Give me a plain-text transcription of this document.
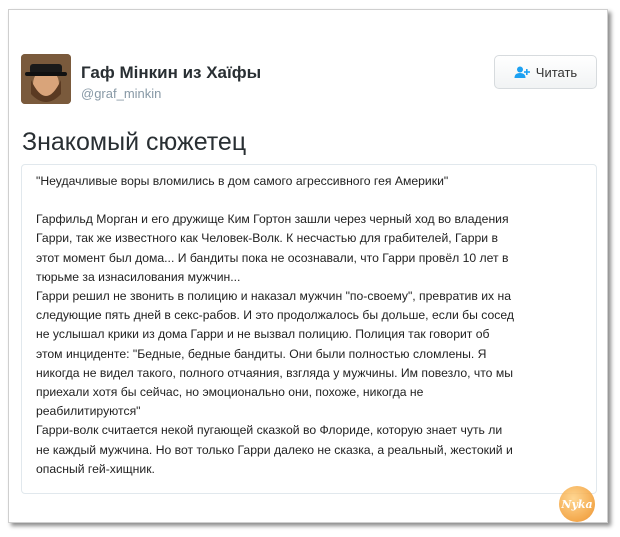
Гаф Мінкин из Хаїфы
@graf_minkin
Читать
Знакомый сюжетец

"Неудачливые воры вломились в дом самого агрессивного гея Америки"

Гарфильд Морган и его дружище Ким Гортон зашли через черный ход во владения

Гарри, так же известного как Человек-Волк. К несчастью для грабителей, Гарри в

этот момент был дома... И бандиты пока не осознавали, что Гарри провёл 10 лет в

тюрьме за изнасилования мужчин...

Гарри решил не звонить в полицию и наказал мужчин "по-своему", превратив их на

следующие пять дней в секс-рабов. И это продолжалось бы дольше, если бы сосед

не услышал крики из дома Гарри и не вызвал полицию. Полиция так говорит об

этом инциденте: "Бедные, бедные бандиты. Они были полностью сломлены. Я

никогда не видел такого, полного отчаяния, взгляда у мужчины. Им повезло, что мы

приехали хотя бы сейчас, но эмоционально они, похоже, никогда не

реабилитируются"

Гарри-волк считается некой пугающей сказкой во Флориде, которую знает чуть ли

не каждый мужчина. Но вот только Гарри далеко не сказка, а реальный, жестокий и

опасный гей-хищник.

Nyka
